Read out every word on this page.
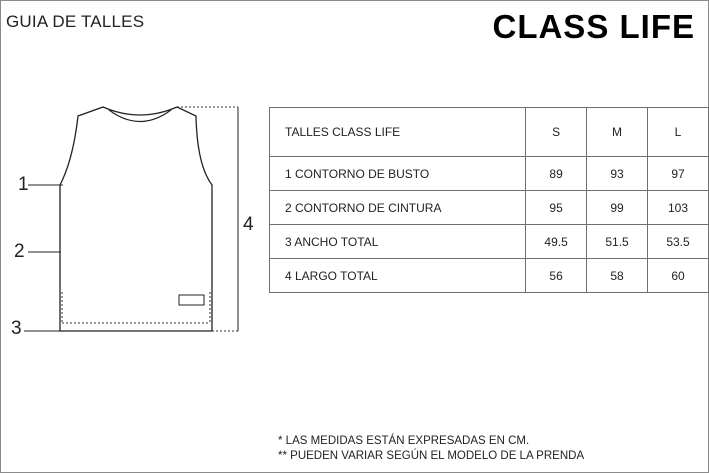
GUIA DE TALLES	CLASS LIFE
1
2
3
4
TALLES CLASS LIFE	S	M	L
1 CONTORNO DE BUSTO	89	93	97
2 CONTORNO DE CINTURA	95	99	103
3 ANCHO TOTAL	49.5	51.5	53.5
4 LARGO TOTAL	56	58	60
* LAS MEDIDAS ESTÁN EXPRESADAS EN CM.
** PUEDEN VARIAR SEGÚN EL MODELO DE LA PRENDA
